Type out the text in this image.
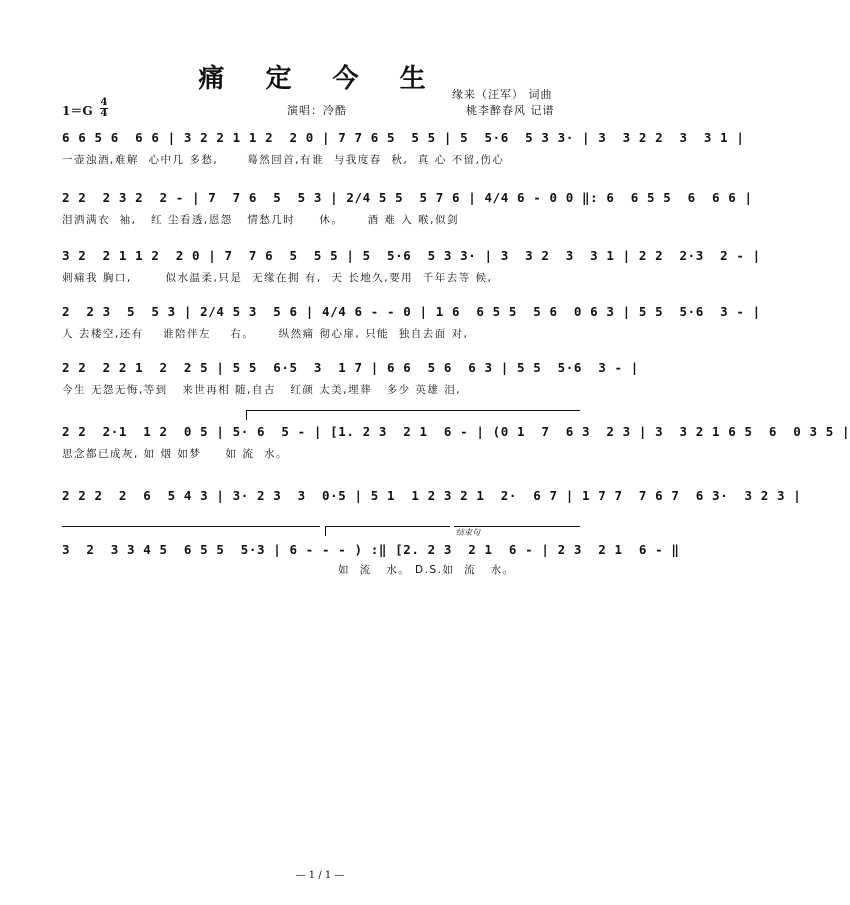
痛 定 今 生
缘来（汪军） 词曲
演唱：冷酷	桃李醉春风 记谱
1＝G
4
4
6 6 5 6  6 6 | 3 2 2 1 1 2  2 0 | 7 7 6 5  5 5 | 5  5·6  5 3 3· | 3  3 2 2  3  3 1 |
一壶浊酒,难解  心中几 多愁,      蓦然回首,有谁  与我度春  秋,  真 心 不留,伤心
2 2  2 3 2  2 - | 7  7 6  5  5 3 | 2/4 5 5  5 7 6 | 4/4 6 - 0 0 ‖: 6  6 5 5  6  6 6 |
泪洒满衣  袖,   红 尘看透,恩怨   情愁几时     休。     酒 难 入 喉,似剑
3 2  2 1 1 2  2 0 | 7  7 6  5  5 5 | 5  5·6  5 3 3· | 3  3 2  3  3 1 | 2 2  2·3  2 - |
刺痛我 胸口,       似水温柔,只是  无缘在拥 有,  天 长地久,要用  千年去等 候,
2  2 3  5  5 3 | 2/4 5 3  5 6 | 4/4 6 - - 0 | 1 6  6 5 5  5 6  0 6 3 | 5 5  5·6  3 - |
人 去楼空,还有    谁陪伴左    右。     纵然痛 彻心扉, 只能  独自去面 对,
2 2  2 2 1  2  2 5 | 5 5  6·5  3  1 7 | 6 6  5 6  6 3 | 5 5  5·6  3 - |
今生 无怨无悔,等到   来世再相 随,自古   红颜 太美,埋葬   多少 英雄 泪,
2 2  2·1  1 2  0 5 | 5· 6  5 - | [1. 2 3  2 1  6 - | (0 1  7  6 3  2 3 | 3  3 2 1 6 5  6  0 3 5 |
思念都已成灰, 如 烟 如梦     如 流  水。
2 2 2  2  6  5 4 3 | 3· 2 3  3  0·5 | 5 1  1 2 3 2 1  2·  6 7 | 1 7 7  7 6 7  6 3·  3 2 3 |
结束句
3  2  3 3 4 5  6 5 5  5·3 | 6 - - - ) :‖ [2. 2 3  2 1  6 - | 2 3  2 1  6 - ‖
如  流   水。 D.S.如  流   水。
— 1 / 1 —
